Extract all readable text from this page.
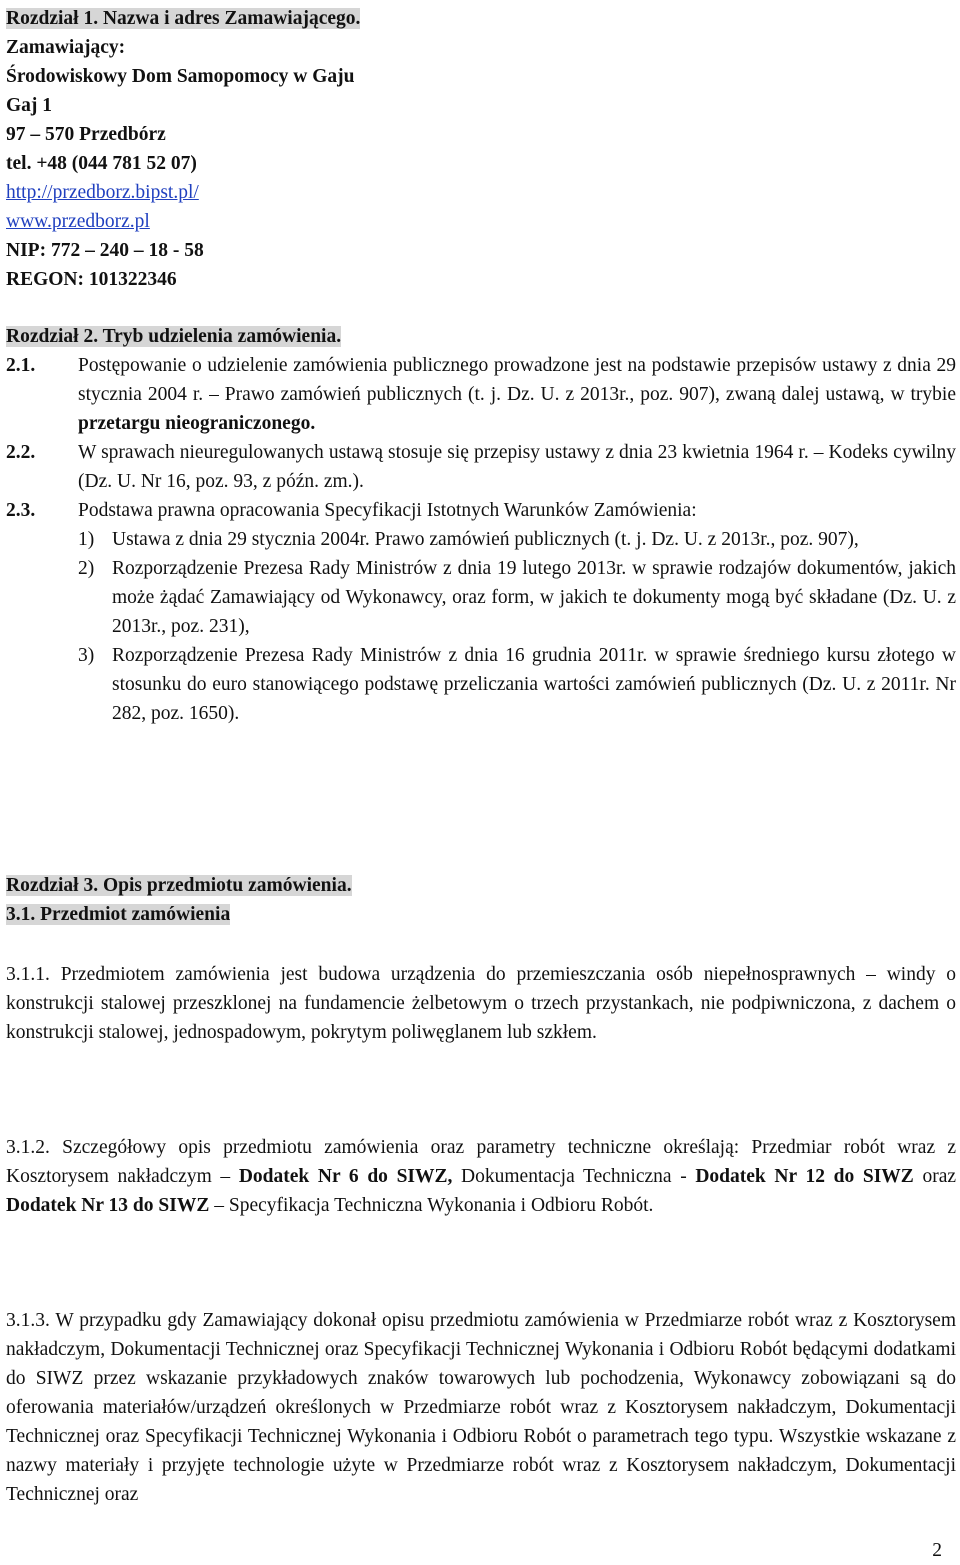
Rozdział 1. Nazwa i adres Zamawiającego.
Zamawiający:
Środowiskowy Dom Samopomocy w Gaju
Gaj 1
97 – 570 Przedbórz
tel. +48 (044 781 52 07)
http://przedborz.bipst.pl/
www.przedborz.pl
NIP: 772 – 240 – 18 - 58
REGON: 101322346
Rozdział 2. Tryb udzielenia zamówienia.
2.1. Postępowanie o udzielenie zamówienia publicznego prowadzone jest na podstawie przepisów ustawy z dnia 29 stycznia 2004 r. – Prawo zamówień publicznych (t. j. Dz. U. z 2013r., poz. 907), zwaną dalej ustawą, w trybie przetargu nieograniczonego.
2.2. W sprawach nieuregulowanych ustawą stosuje się przepisy ustawy z dnia 23 kwietnia 1964 r. – Kodeks cywilny (Dz. U. Nr 16, poz. 93, z późn. zm.).
2.3. Podstawa prawna opracowania Specyfikacji Istotnych Warunków Zamówienia:
1) Ustawa z dnia 29 stycznia 2004r. Prawo zamówień publicznych (t. j. Dz. U. z 2013r., poz. 907),
2) Rozporządzenie Prezesa Rady Ministrów z dnia 19 lutego 2013r. w sprawie rodzajów dokumentów, jakich może żądać Zamawiający od Wykonawcy, oraz form, w jakich te dokumenty mogą być składane (Dz. U. z 2013r., poz. 231),
3) Rozporządzenie Prezesa Rady Ministrów z dnia 16 grudnia 2011r. w sprawie średniego kursu złotego w stosunku do euro stanowiącego podstawę przeliczania wartości zamówień publicznych (Dz. U. z 2011r. Nr 282, poz. 1650).
Rozdział 3. Opis przedmiotu zamówienia.
3.1. Przedmiot zamówienia

3.1.1. Przedmiotem zamówienia jest budowa urządzenia do przemieszczania osób niepełnosprawnych – windy o konstrukcji stalowej przeszklonej na fundamencie żelbetowym o trzech przystankach, nie podpiwniczona, z dachem o konstrukcji stalowej, jednospadowym, pokrytym poliwęglanem lub szkłem.

3.1.2. Szczegółowy opis przedmiotu zamówienia oraz parametry techniczne określają: Przedmiar robót wraz z Kosztorysem nakładczym – Dodatek Nr 6 do SIWZ, Dokumentacja Techniczna - Dodatek Nr 12 do SIWZ oraz Dodatek Nr 13 do SIWZ – Specyfikacja Techniczna Wykonania i Odbioru Robót.

3.1.3. W przypadku gdy Zamawiający dokonał opisu przedmiotu zamówienia w Przedmiarze robót wraz z Kosztorysem nakładczym, Dokumentacji Technicznej oraz Specyfikacji Technicznej Wykonania i Odbioru Robót będącymi dodatkami do SIWZ przez wskazanie przykładowych znaków towarowych lub pochodzenia, Wykonawcy zobowiązani są do oferowania materiałów/urządzeń określonych w Przedmiarze robót wraz z Kosztorysem nakładczym, Dokumentacji Technicznej oraz Specyfikacji Technicznej Wykonania i Odbioru Robót o parametrach tego typu. Wszystkie wskazane z nazwy materiały i przyjęte technologie użyte w Przedmiarze robót wraz z Kosztorysem nakładczym, Dokumentacji Technicznej oraz

2
